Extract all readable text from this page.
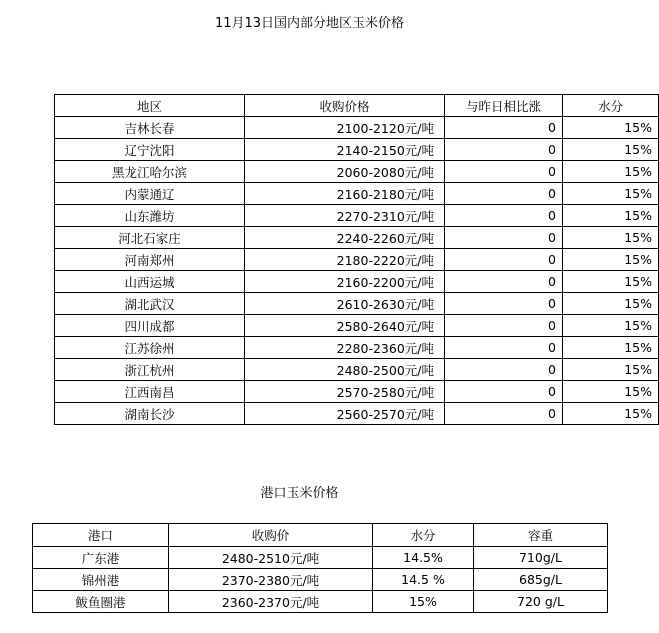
11月13日国内部分地区玉米价格
地区	收购价格	与昨日相比涨	水分
吉林长春	2100-2120元/吨	0	15%
辽宁沈阳	2140-2150元/吨	0	15%
黑龙江哈尔滨	2060-2080元/吨	0	15%
内蒙通辽	2160-2180元/吨	0	15%
山东潍坊	2270-2310元/吨	0	15%
河北石家庄	2240-2260元/吨	0	15%
河南郑州	2180-2220元/吨	0	15%
山西运城	2160-2200元/吨	0	15%
湖北武汉	2610-2630元/吨	0	15%
四川成都	2580-2640元/吨	0	15%
江苏徐州	2280-2360元/吨	0	15%
浙江杭州	2480-2500元/吨	0	15%
江西南昌	2570-2580元/吨	0	15%
湖南长沙	2560-2570元/吨	0	15%
港口玉米价格
港口	收购价	水分	容重
广东港	2480-2510元/吨	14.5%	710g/L
锦州港	2370-2380元/吨	14.5 %	685g/L
鲅鱼圈港	2360-2370元/吨	15%	720 g/L
